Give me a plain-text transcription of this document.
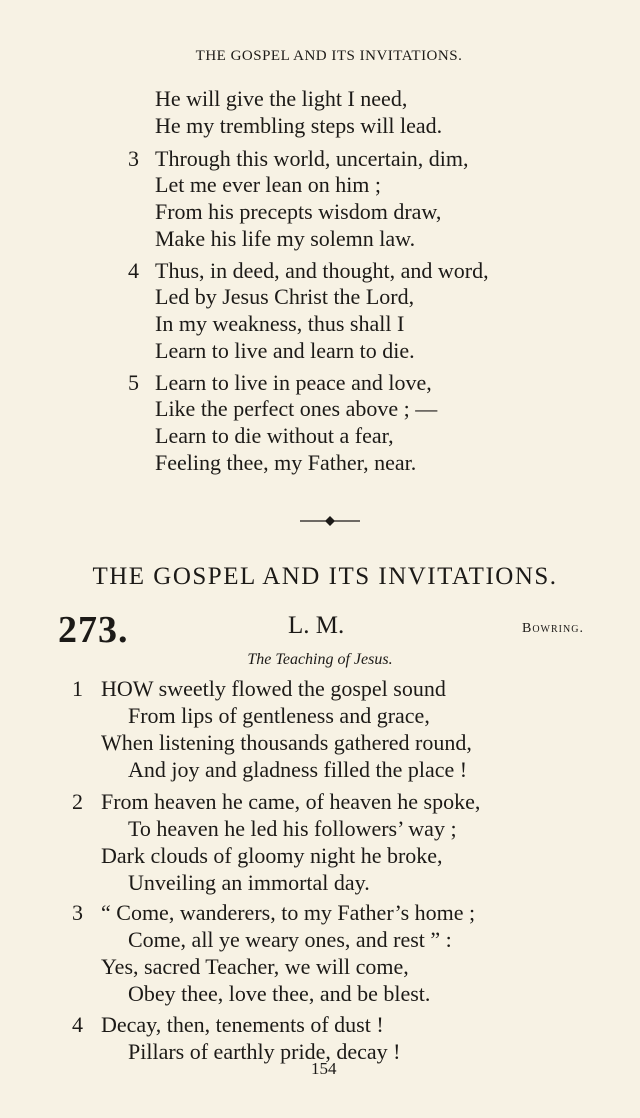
THE GOSPEL AND ITS INVITATIONS.
He will give the light I need,
He my trembling steps will lead.
3 Through this world, uncertain, dim,
Let me ever lean on him ;
From his precepts wisdom draw,
Make his life my solemn law.
4 Thus, in deed, and thought, and word,
Led by Jesus Christ the Lord,
In my weakness, thus shall I
Learn to live and learn to die.
5 Learn to live in peace and love,
Like the perfect ones above ; —
Learn to die without a fear,
Feeling thee, my Father, near.
THE GOSPEL AND ITS INVITATIONS.
273.	L. M.	Bowring.
The Teaching of Jesus.
1 HOW sweetly flowed the gospel sound
From lips of gentleness and grace,
When listening thousands gathered round,
And joy and gladness filled the place !
2 From heaven he came, of heaven he spoke,
To heaven he led his followers’ way ;
Dark clouds of gloomy night he broke,
Unveiling an immortal day.
3 “ Come, wanderers, to my Father’s home ;
Come, all ye weary ones, and rest ” :
Yes, sacred Teacher, we will come,
Obey thee, love thee, and be blest.
4 Decay, then, tenements of dust !
Pillars of earthly pride, decay !
154
